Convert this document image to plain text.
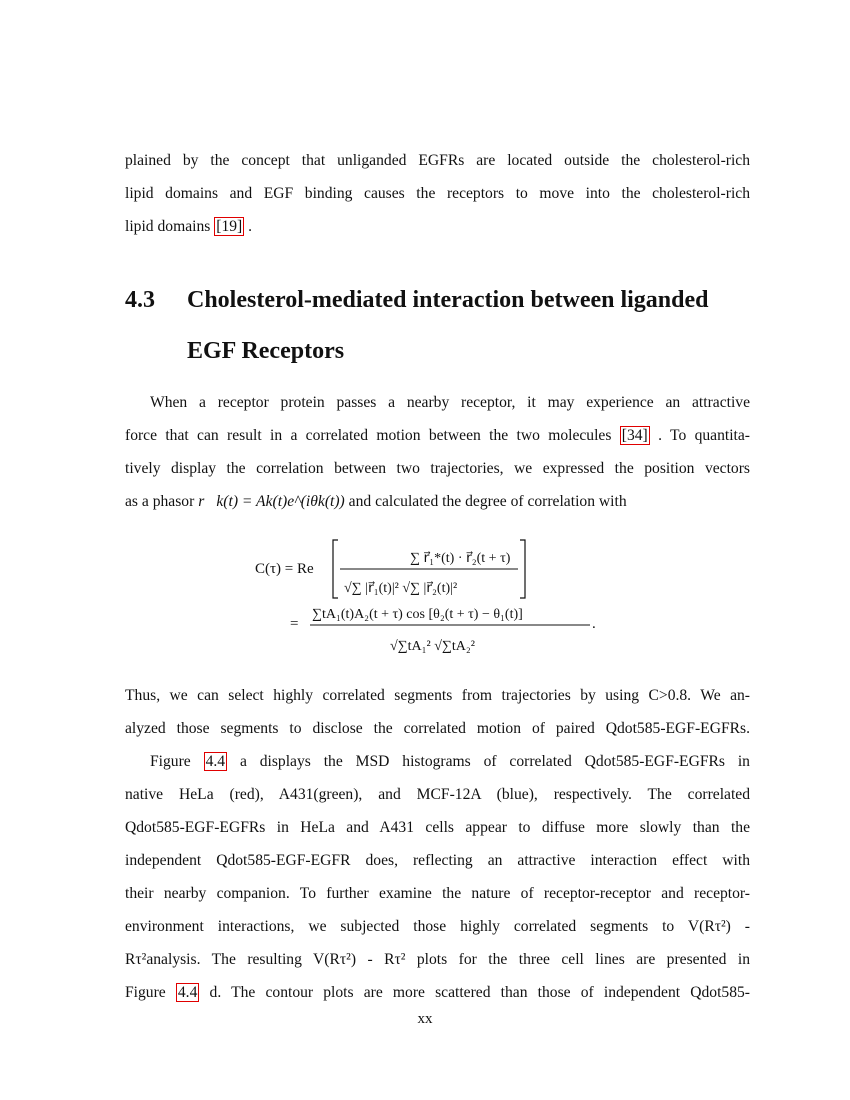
plained by the concept that unliganded EGFRs are located outside the cholesterol-rich
lipid domains and EGF binding causes the receptors to move into the cholesterol-rich
lipid domains [19] .
4.3 Cholesterol-mediated interaction between liganded
EGF Receptors
When a receptor protein passes a nearby receptor, it may experience an attractive
force that can result in a correlated motion between the two molecules [34] . To quantita-
tively display the correlation between two trajectories, we expressed the position vectors
as a phasor r⃗k(t) = Ak(t)e^(iθk(t)) and calculated the degree of correlation with
C(τ) = Re
∑ r⃗₁*(t) · r⃗₂(t + τ)
√∑ |r⃗₁(t)|² √∑ |r⃗₂(t)|²
=
∑tA₁(t)A₂(t + τ) cos [θ₂(t + τ) − θ₁(t)]
√∑tA₁² √∑tA₂²
.
Thus, we can select highly correlated segments from trajectories by using C>0.8. We an-
alyzed those segments to disclose the correlated motion of paired Qdot585-EGF-EGFRs.
Figure 4.4 a displays the MSD histograms of correlated Qdot585-EGF-EGFRs in
native HeLa (red), A431(green), and MCF-12A (blue), respectively. The correlated
Qdot585-EGF-EGFRs in HeLa and A431 cells appear to diffuse more slowly than the
independent Qdot585-EGF-EGFR does, reflecting an attractive interaction effect with
their nearby companion. To further examine the nature of receptor-receptor and receptor-
environment interactions, we subjected those highly correlated segments to V(Rτ²) -
Rτ²analysis. The resulting V(Rτ²) - Rτ² plots for the three cell lines are presented in
Figure 4.4 d. The contour plots are more scattered than those of independent Qdot585-
xx
